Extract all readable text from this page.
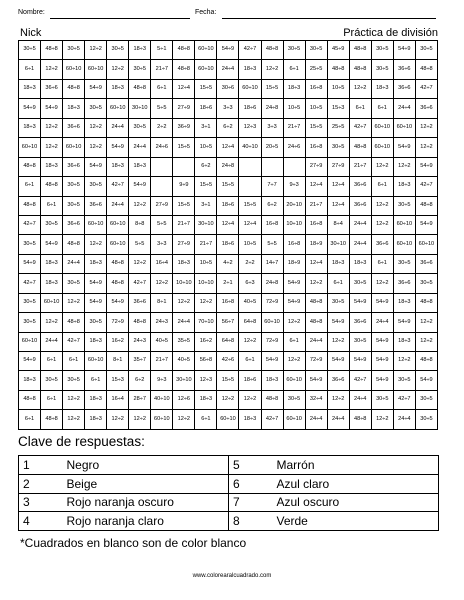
Nombre:	Fecha:
Nick	Práctica de división
30÷5	48÷8	30÷5	12÷2	30÷5	18÷3	5÷1	48÷8	60÷10	54÷9	42÷7	48÷8	30÷5	30÷5	45÷9	48÷8	30÷5	54÷9	30÷5
6÷1	12÷2	60÷10	60÷10	12÷2	30÷5	21÷7	48÷8	60÷10	24÷4	18÷3	12÷2	6÷1	25÷5	48÷8	48÷8	30÷5	36÷6	48÷8
18÷3	36÷6	48÷8	54÷9	18÷3	48÷8	6÷1	12÷4	15÷5	30÷6	60÷10	15÷5	18÷3	16÷8	10÷5	12÷2	18÷3	36÷6	42÷7
54÷9	54÷9	18÷3	30÷5	60÷10	30÷10	5÷5	27÷9	18÷6	3÷3	18÷6	24÷8	10÷5	10÷5	15÷3	6÷1	6÷1	24÷4	36÷6
18÷3	12÷2	36÷6	12÷2	24÷4	30÷5	2÷2	36÷9	3÷1	6÷2	12÷3	3÷3	21÷7	15÷5	25÷5	42÷7	60÷10	60÷10	12÷2
60÷10	12÷2	60÷10	12÷2	54÷9	24÷4	24÷6	15÷5	10÷5	12÷4	40÷10	20÷5	24÷6	16÷8	30÷5	48÷8	60÷10	54÷9	12÷2
48÷8	18÷3	36÷6	54÷9	18÷3	18÷3			6÷2	24÷8				27÷9	27÷9	21÷7	12÷2	12÷2	54÷9
6÷1	48÷8	30÷5	30÷5	42÷7	54÷9		9÷9	15÷5	15÷5		7÷7	9÷3	12÷4	12÷4	36÷6	6÷1	18÷3	42÷7
48÷8	6÷1	30÷5	36÷6	24÷4	12÷2	27÷9	15÷5	3÷1	18÷6	15÷5	6÷2	20÷10	21÷7	12÷4	36÷6	12÷2	30÷5	48÷8
42÷7	30÷5	36÷6	60÷10	60÷10	8÷8	5÷5	21÷7	30÷10	12÷4	12÷4	16÷8	10÷10	16÷8	8÷4	24÷4	12÷2	60÷10	54÷9
30÷5	54÷9	48÷8	12÷2	60÷10	5÷5	3÷3	27÷9	21÷7	18÷6	10÷5	5÷5	16÷8	18÷9	30÷10	24÷4	36÷6	60÷10	60÷10
54÷9	18÷3	24÷4	18÷3	48÷8	12÷2	16÷4	18÷3	10÷5	4÷2	2÷2	14÷7	18÷9	12÷4	18÷3	18÷3	6÷1	30÷5	36÷6
42÷7	18÷3	30÷5	54÷9	48÷8	42÷7	12÷2	10÷10	10÷10	2÷1	6÷3	24÷8	54÷9	12÷2	6÷1	30÷5	12÷2	36÷6	30÷5
30÷5	60÷10	12÷2	54÷9	54÷9	36÷6	8÷1	12÷2	12÷2	16÷8	40÷5	72÷9	54÷9	48÷8	30÷5	54÷9	54÷9	18÷3	48÷8
30÷5	12÷2	48÷8	30÷5	72÷9	48÷8	24÷3	24÷4	70÷10	56÷7	64÷8	60÷10	12÷2	48÷8	54÷9	36÷6	24÷4	54÷9	12÷2
60÷10	24÷4	42÷7	18÷3	16÷2	24÷3	40÷5	35÷5	16÷2	64÷8	12÷2	72÷9	6÷1	24÷4	12÷2	30÷5	54÷9	18÷3	12÷2
54÷9	6÷1	6÷1	60÷10	8÷1	35÷7	21÷7	40÷5	56÷8	42÷6	6÷1	54÷9	12÷2	72÷9	54÷9	54÷9	54÷9	12÷2	48÷8
18÷3	30÷5	30÷5	6÷1	15÷3	6÷2	9÷3	30÷10	12÷3	15÷5	18÷6	18÷3	60÷10	54÷9	36÷6	42÷7	54÷9	30÷5	54÷9
48÷8	6÷1	12÷2	18÷3	16÷4	28÷7	40÷10	12÷6	18÷3	12÷2	12÷2	48÷8	30÷5	32÷4	12÷2	24÷4	30÷5	42÷7	30÷5
6÷1	48÷8	12÷2	18÷3	12÷2	12÷2	60÷10	12÷2	6÷1	60÷10	18÷3	42÷7	60÷10	24÷4	24÷4	48÷8	12÷2	24÷4	30÷5
Clave de respuestas:
1	Negro	5	Marrón
2	Beige	6	Azul claro
3	Rojo naranja oscuro	7	Azul oscuro
4	Rojo naranja claro	8	Verde
*Cuadrados en blanco son de color blanco
www.colorearalcuadrado.com
